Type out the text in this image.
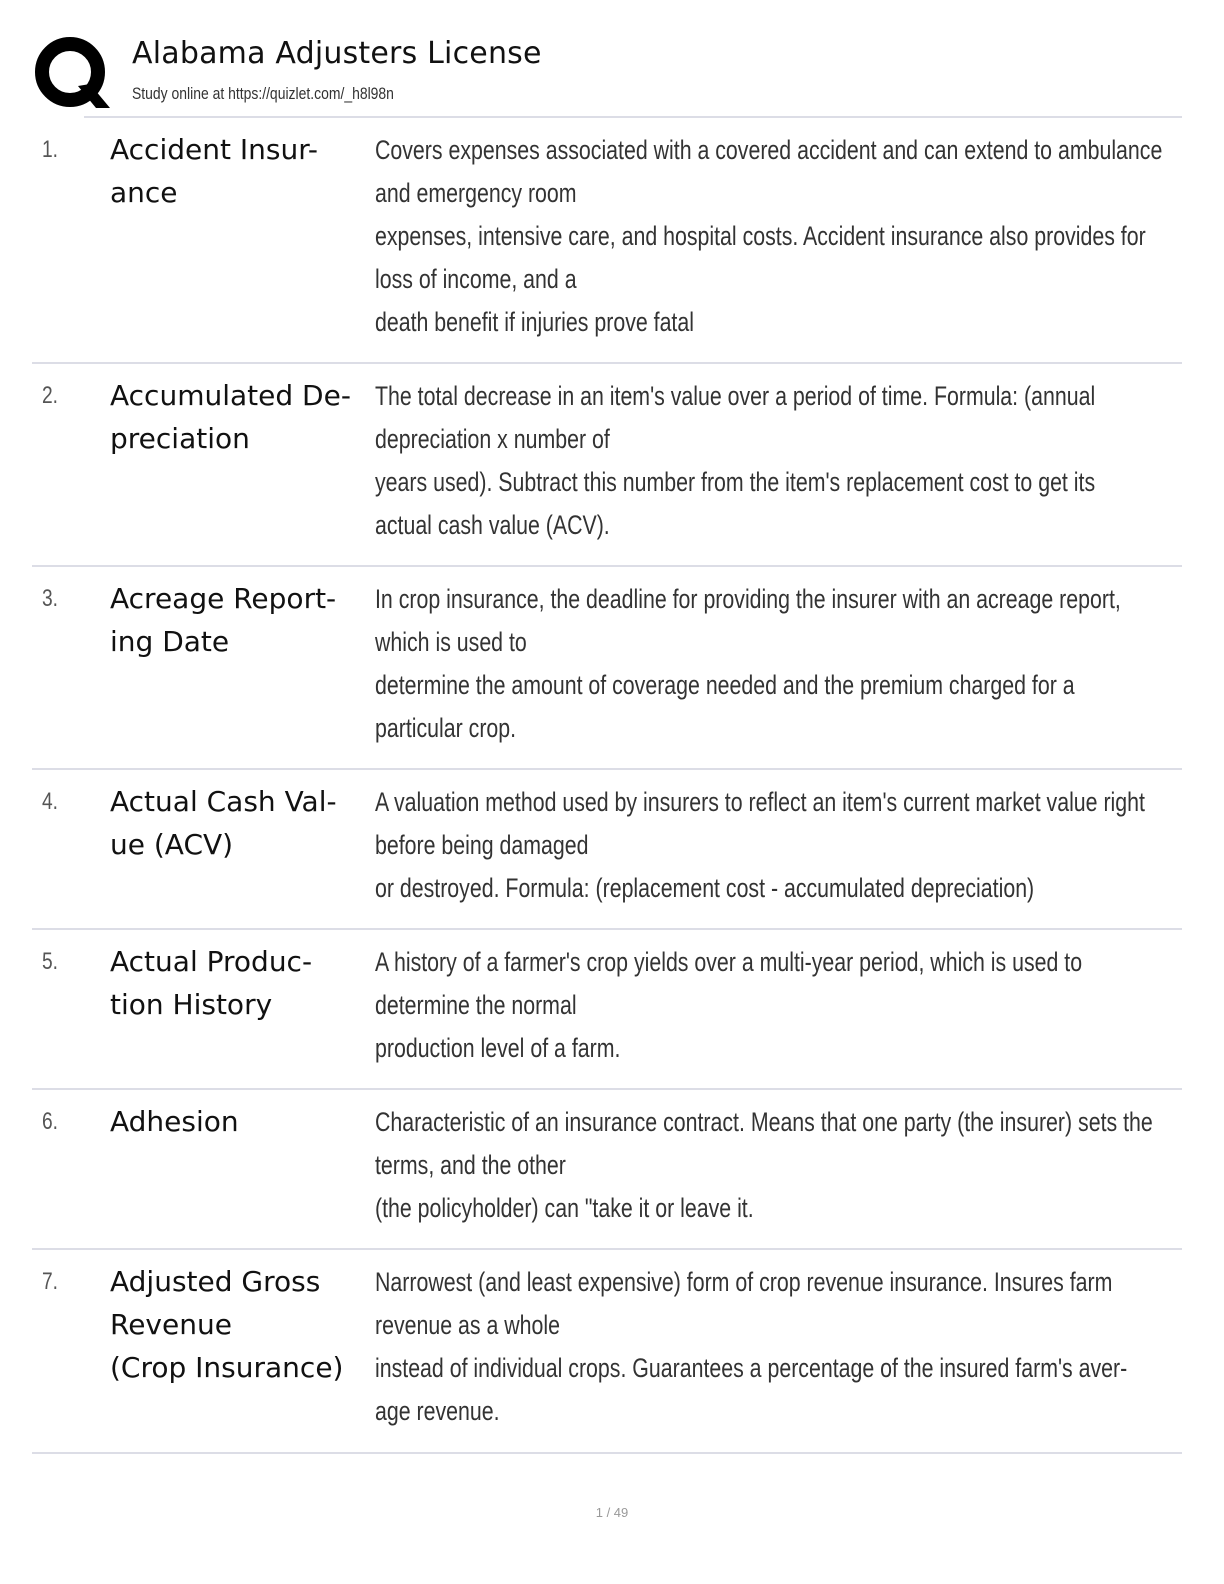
Alabama Adjusters License
Study online at https://quizlet.com/_h8l98n
1. Accident Insur-
ance
Covers expenses associated with a covered accident and can extend to ambulance
and emergency room
expenses, intensive care, and hospital costs. Accident insurance also provides for
loss of income, and a
death benefit if injuries prove fatal
2. Accumulated De-
preciation
The total decrease in an item's value over a period of time. Formula: (annual
depreciation x number of
years used). Subtract this number from the item's replacement cost to get its
actual cash value (ACV).
3. Acreage Report-
ing Date
In crop insurance, the deadline for providing the insurer with an acreage report,
which is used to
determine the amount of coverage needed and the premium charged for a
particular crop.
4. Actual Cash Val-
ue (ACV)
A valuation method used by insurers to reflect an item's current market value right
before being damaged
or destroyed. Formula: (replacement cost - accumulated depreciation)
5. Actual Produc-
tion History
A history of a farmer's crop yields over a multi-year period, which is used to
determine the normal
production level of a farm.
6. Adhesion	Characteristic of an insurance contract. Means that one party (the insurer) sets the
terms, and the other
(the policyholder) can "take it or leave it.
7. Adjusted Gross
Revenue
(Crop Insurance)
Narrowest (and least expensive) form of crop revenue insurance. Insures farm
revenue as a whole
instead of individual crops. Guarantees a percentage of the insured farm's aver-
age revenue.
1 / 49
